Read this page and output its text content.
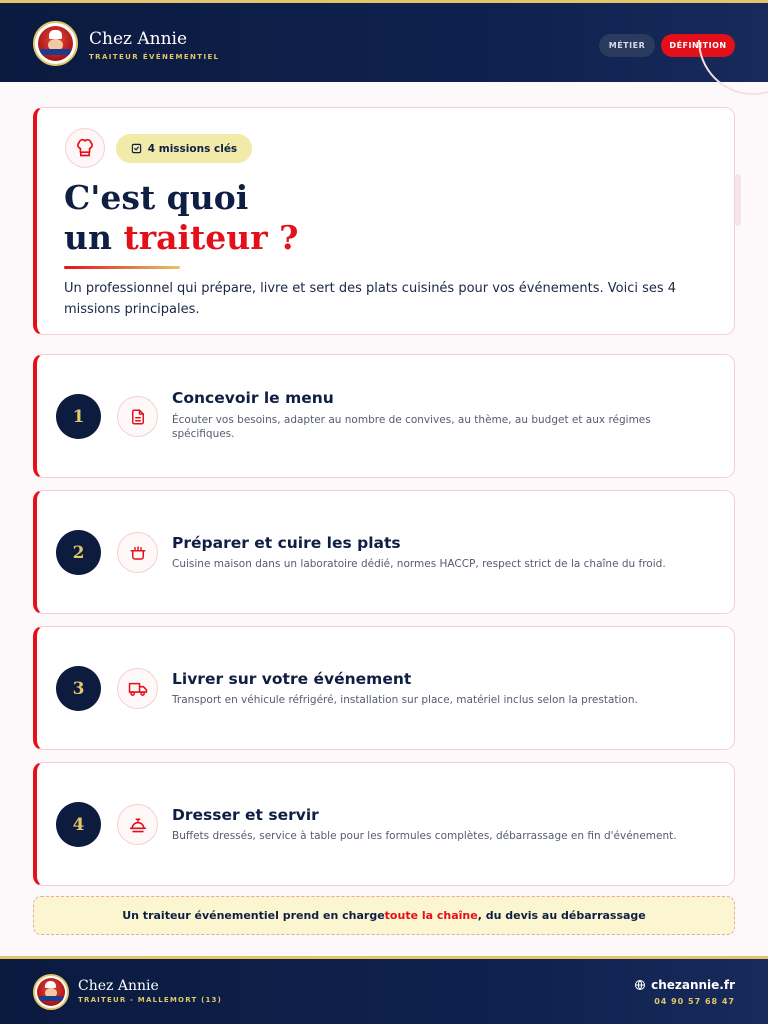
Chez Annie
TRAITEUR ÉVÉNEMENTIEL
MÉTIER	DÉFINITION
4 missions clés
C'est quoi
un traiteur ?

Un professionnel qui prépare, livre et sert des plats cuisinés pour vos événements. Voici ses 4 missions principales.

1
Concevoir le menu
Écouter vos besoins, adapter au nombre de convives, au thème, au budget et aux régimes spécifiques.
2	Préparer et cuire les plats
Cuisine maison dans un laboratoire dédié, normes HACCP, respect strict de la chaîne du froid.
3	Livrer sur votre événement
Transport en véhicule réfrigéré, installation sur place, matériel inclus selon la prestation.
4	Dresser et servir
Buffets dressés, service à table pour les formules complètes, débarrassage en fin d'événement.
Un traiteur événementiel prend en charge toute la chaîne , du devis au débarrassage
Chez Annie
TRAITEUR - MALLEMORT (13)
chezannie.fr
04 90 57 68 47
